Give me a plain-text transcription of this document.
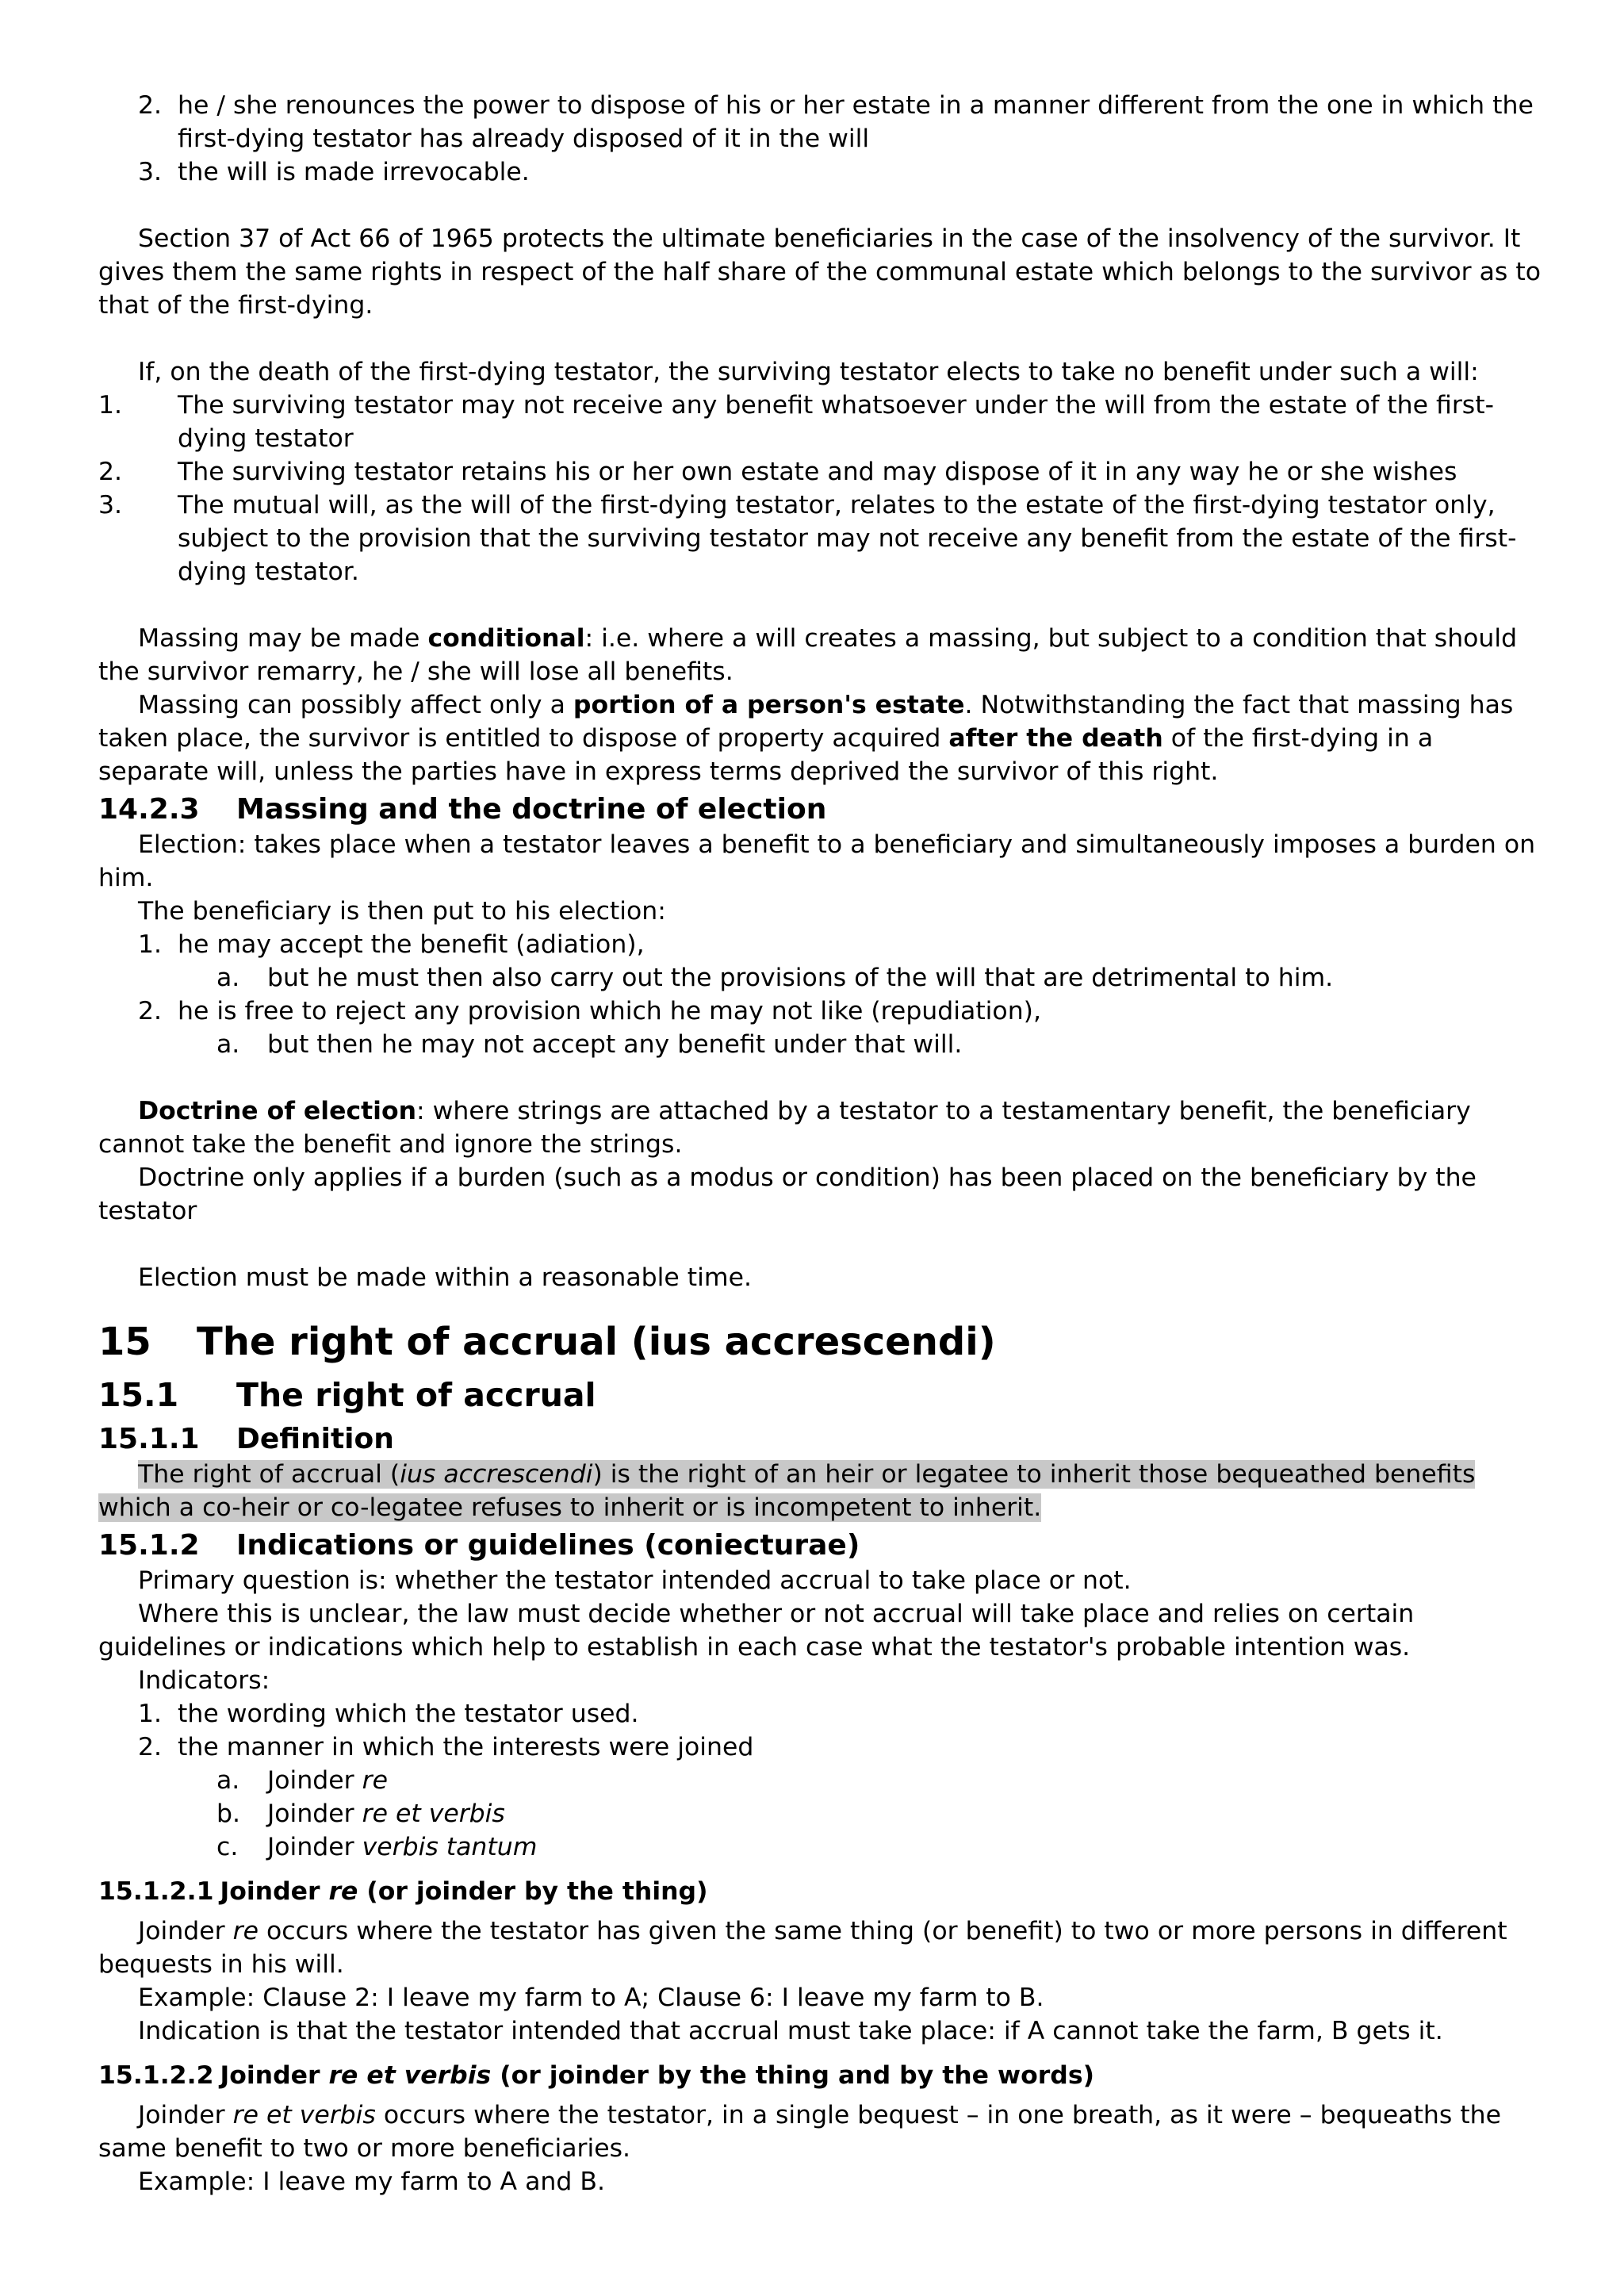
2. he / she renounces the power to dispose of his or her estate in a manner different from the one in which the first-dying testator has already disposed of it in the will
3. the will is made irrevocable.

Section 37 of Act 66 of 1965 protects the ultimate beneficiaries in the case of the insolvency of the survivor. It gives them the same rights in respect of the half share of the communal estate which belongs to the survivor as to that of the first-dying.

If, on the death of the first-dying testator, the surviving testator elects to take no benefit under such a will:

1.	The surviving testator may not receive any benefit whatsoever under the will from the estate of the first-dying testator
2.	The surviving testator retains his or her own estate and may dispose of it in any way he or she wishes
3.	The mutual will, as the will of the first-dying testator, relates to the estate of the first-dying testator only, subject to the provision that the surviving testator may not receive any benefit from the estate of the first-dying testator.

Massing may be made conditional: i.e. where a will creates a massing, but subject to a condition that should the survivor remarry, he / she will lose all benefits.

Massing can possibly affect only a portion of a person's estate. Notwithstanding the fact that massing has taken place, the survivor is entitled to dispose of property acquired after the death of the first-dying in a separate will, unless the parties have in express terms deprived the survivor of this right.

14.2.3 Massing and the doctrine of election

Election: takes place when a testator leaves a benefit to a beneficiary and simultaneously imposes a burden on him.

The beneficiary is then put to his election:

1. he may accept the benefit (adiation),
a. but he must then also carry out the provisions of the will that are detrimental to him.
2. he is free to reject any provision which he may not like (repudiation),
a. but then he may not accept any benefit under that will.

Doctrine of election: where strings are attached by a testator to a testamentary benefit, the beneficiary cannot take the benefit and ignore the strings.

Doctrine only applies if a burden (such as a modus or condition) has been placed on the beneficiary by the testator

Election must be made within a reasonable time.

15 The right of accrual (ius accrescendi)
15.1 The right of accrual
15.1.1 Definition

The right of accrual (ius accrescendi) is the right of an heir or legatee to inherit those bequeathed benefits which a co-heir or co-legatee refuses to inherit or is incompetent to inherit.

15.1.2 Indications or guidelines (coniecturae)

Primary question is: whether the testator intended accrual to take place or not.

Where this is unclear, the law must decide whether or not accrual will take place and relies on certain guidelines or indications which help to establish in each case what the testator's probable intention was.

Indicators:

1. the wording which the testator used.
2. the manner in which the interests were joined
a. Joinder re
b. Joinder re et verbis
c. Joinder verbis tantum
15.1.2.1 Joinder re (or joinder by the thing)

Joinder re occurs where the testator has given the same thing (or benefit) to two or more persons in different bequests in his will.

Example: Clause 2: I leave my farm to A; Clause 6: I leave my farm to B.

Indication is that the testator intended that accrual must take place: if A cannot take the farm, B gets it.

15.1.2.2 Joinder re et verbis (or joinder by the thing and by the words)

Joinder re et verbis occurs where the testator, in a single bequest – in one breath, as it were – bequeaths the same benefit to two or more beneficiaries.

Example: I leave my farm to A and B.
